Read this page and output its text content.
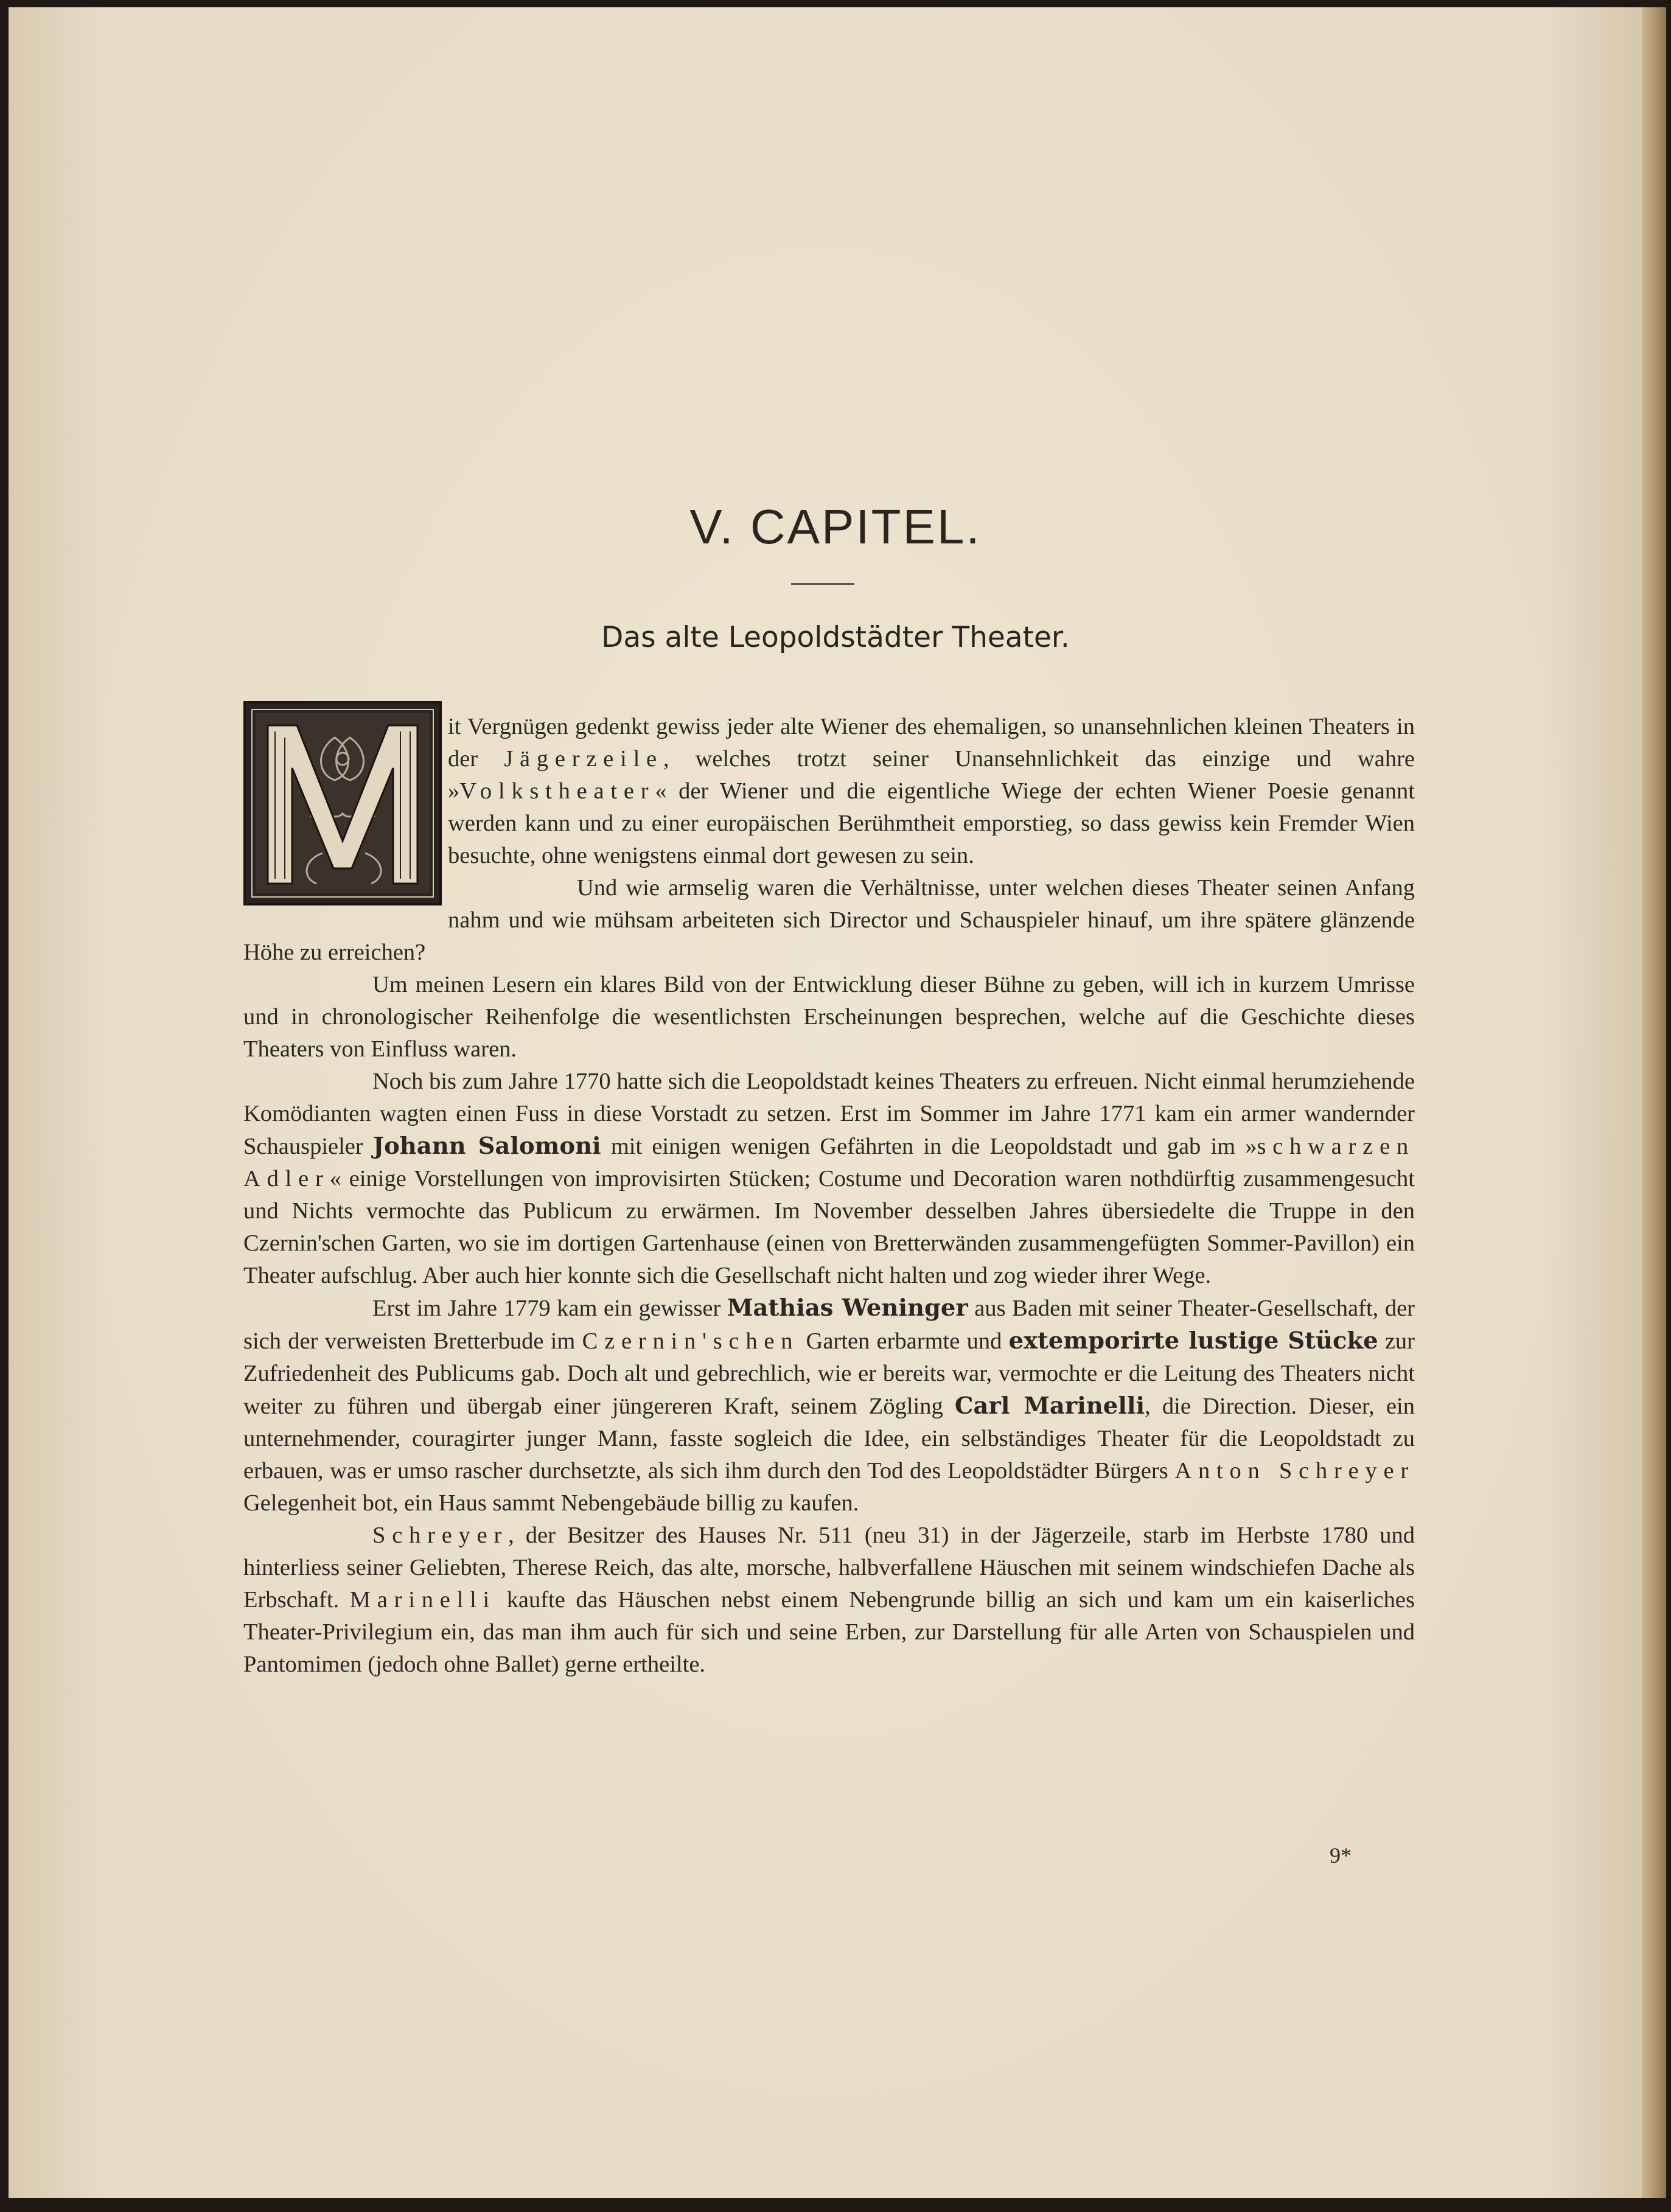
V. CAPITEL.
Das alte Leopoldstädter Theater.

it Vergnügen gedenkt gewiss jeder alte Wiener des ehemaligen, so unansehnlichen kleinen Theaters in der Jägerzeile, welches trotzt seiner Unansehnlichkeit das einzige und wahre »Volkstheater« der Wiener und die eigentliche Wiege der echten Wiener Poesie genannt werden kann und zu einer europäischen Berühmtheit emporstieg, so dass gewiss kein Fremder Wien besuchte, ohne wenigstens einmal dort gewesen zu sein.

Und wie armselig waren die Verhältnisse, unter welchen dieses Theater seinen Anfang nahm und wie mühsam arbeiteten sich Director und Schauspieler hinauf, um ihre spätere glänzende Höhe zu erreichen?

Um meinen Lesern ein klares Bild von der Entwicklung dieser Bühne zu geben, will ich in kurzem Umrisse und in chronologischer Reihenfolge die wesentlichsten Erscheinungen besprechen, welche auf die Geschichte dieses Theaters von Einfluss waren.

Noch bis zum Jahre 1770 hatte sich die Leopoldstadt keines Theaters zu erfreuen. Nicht einmal herumziehende Komödianten wagten einen Fuss in diese Vorstadt zu setzen. Erst im Sommer im Jahre 1771 kam ein armer wandernder Schauspieler Johann Salomoni mit einigen wenigen Gefährten in die Leopoldstadt und gab im »schwarzen Adler« einige Vorstellungen von improvisirten Stücken; Costume und Decoration waren nothdürftig zusammengesucht und Nichts vermochte das Publicum zu erwärmen. Im November desselben Jahres übersiedelte die Truppe in den Czernin'schen Garten, wo sie im dortigen Gartenhause (einen von Bretterwänden zusammengefügten Sommer-Pavillon) ein Theater aufschlug. Aber auch hier konnte sich die Gesellschaft nicht halten und zog wieder ihrer Wege.

Erst im Jahre 1779 kam ein gewisser Mathias Weninger aus Baden mit seiner Theater-Gesellschaft, der sich der verweisten Bretterbude im Czernin'schen Garten erbarmte und extemporirte lustige Stücke zur Zufriedenheit des Publicums gab. Doch alt und gebrechlich, wie er bereits war, vermochte er die Leitung des Theaters nicht weiter zu führen und übergab einer jüngereren Kraft, seinem Zögling Carl Marinelli, die Direction. Dieser, ein unternehmender, couragirter junger Mann, fasste sogleich die Idee, ein selbständiges Theater für die Leopoldstadt zu erbauen, was er umso rascher durchsetzte, als sich ihm durch den Tod des Leopoldstädter Bürgers Anton Schreyer Gelegenheit bot, ein Haus sammt Nebengebäude billig zu kaufen.

Schreyer, der Besitzer des Hauses Nr. 511 (neu 31) in der Jägerzeile, starb im Herbste 1780 und hinterliess seiner Geliebten, Therese Reich, das alte, morsche, halbverfallene Häuschen mit seinem windschiefen Dache als Erbschaft. Marinelli kaufte das Häuschen nebst einem Nebengrunde billig an sich und kam um ein kaiserliches Theater-Privilegium ein, das man ihm auch für sich und seine Erben, zur Darstellung für alle Arten von Schauspielen und Pantomimen (jedoch ohne Ballet) gerne ertheilte.

9*
